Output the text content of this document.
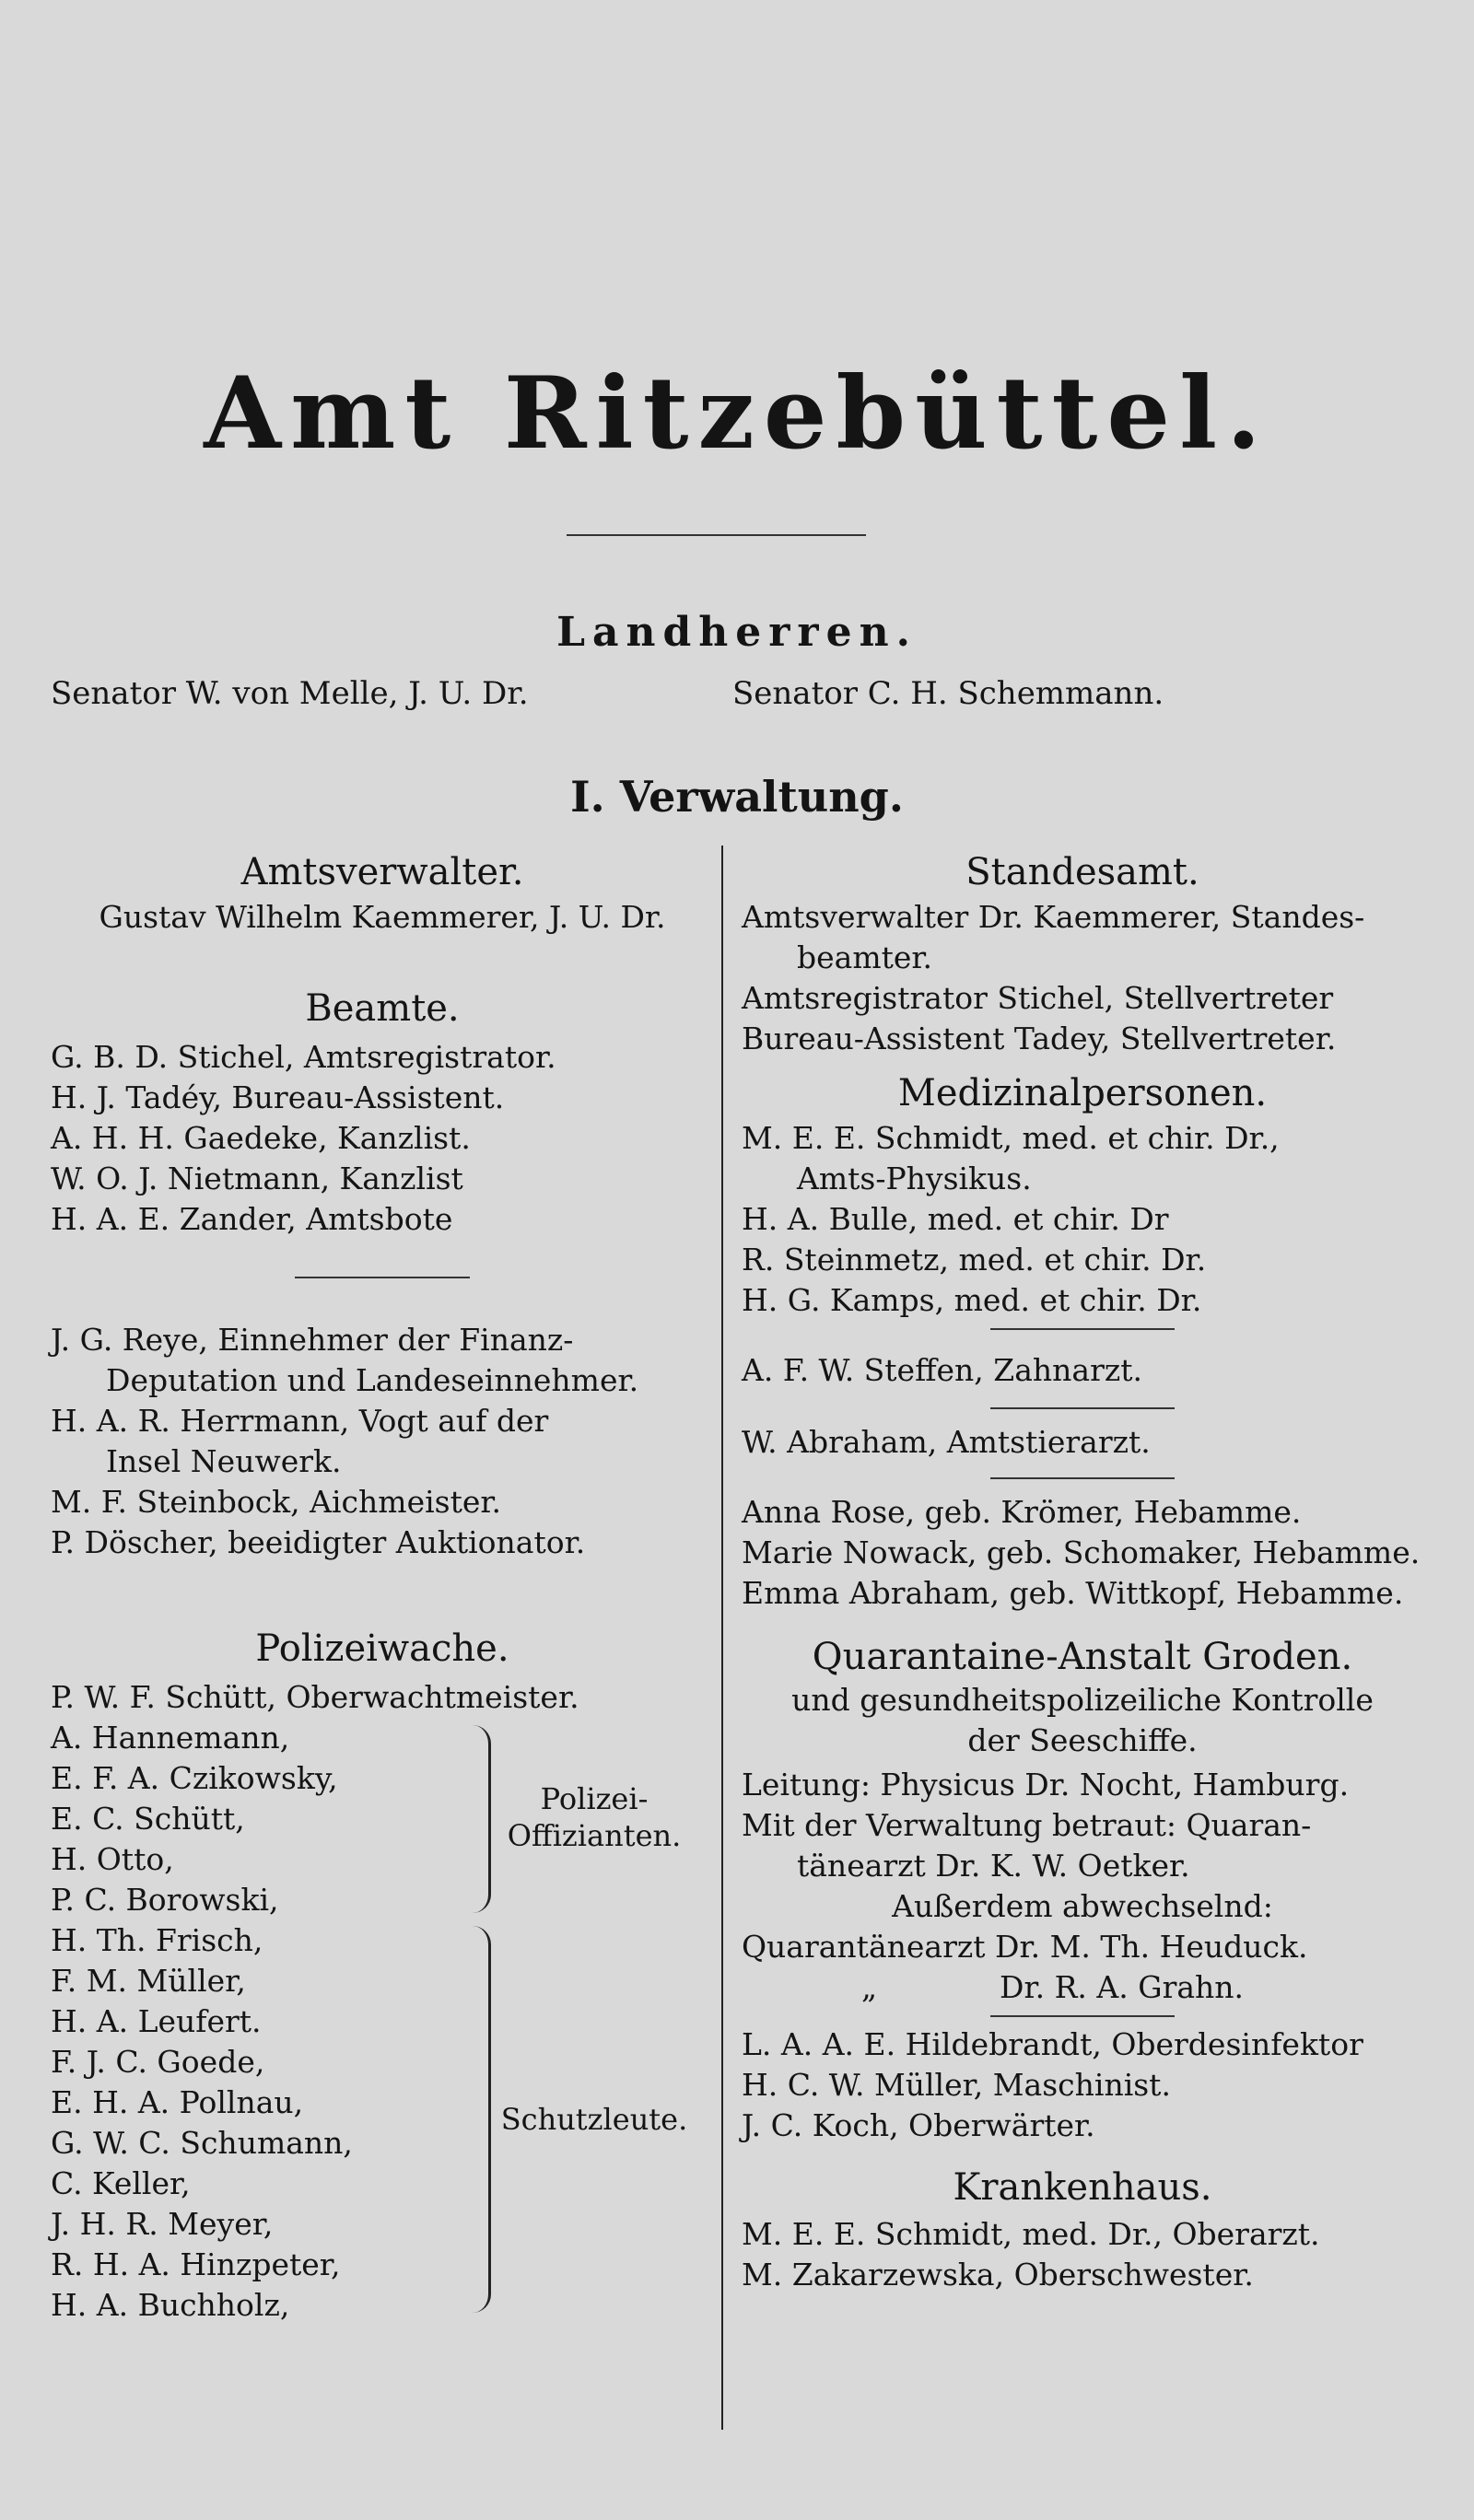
Amt Ritzebüttel.
Landherren.
Senator W. von Melle, J. U. Dr.	Senator C. H. Schemmann.
I. Verwaltung.

Amtsverwalter.

Gustav Wilhelm Kaemmerer, J. U. Dr.

Beamte.

G. B. D. Stichel, Amtsregistrator.

H. J. Tadéy, Bureau-Assistent.

A. H. H. Gaedeke, Kanzlist.

W. O. J. Nietmann, Kanzlist

H. A. E. Zander, Amtsbote

J. G. Reye, Einnehmer der Finanz-

Deputation und Landeseinnehmer.

H. A. R. Herrmann, Vogt auf der

Insel Neuwerk.

M. F. Steinbock, Aichmeister.

P. Döscher, beeidigter Auktionator.

Polizeiwache.

P. W. F. Schütt, Oberwachtmeister.

A. Hannemann,
E. F. A. Czikowsky,
E. C. Schütt,
H. Otto,
P. C. Borowski,
Polizei-
Offizianten.
H. Th. Frisch,
F. M. Müller,
H. A. Leufert.
F. J. C. Goede,
E. H. A. Pollnau,
G. W. C. Schumann,
C. Keller,
J. H. R. Meyer,
R. H. A. Hinzpeter,
H. A. Buchholz,
Schutzleute.

Standesamt.

Amtsverwalter Dr. Kaemmerer, Standes-

beamter.

Amtsregistrator Stichel, Stellvertreter

Bureau-Assistent Tadey, Stellvertreter.

Medizinalpersonen.

M. E. E. Schmidt, med. et chir. Dr.,

Amts-Physikus.

H. A. Bulle, med. et chir. Dr

R. Steinmetz, med. et chir. Dr.

H. G. Kamps, med. et chir. Dr.

A. F. W. Steffen, Zahnarzt.

W. Abraham, Amtstierarzt.

Anna Rose, geb. Krömer, Hebamme.

Marie Nowack, geb. Schomaker, Hebamme.

Emma Abraham, geb. Wittkopf, Hebamme.

Quarantaine-Anstalt Groden.

und gesundheitspolizeiliche Kontrolle

der Seeschiffe.

Leitung: Physicus Dr. Nocht, Hamburg.

Mit der Verwaltung betraut: Quaran-

tänearzt Dr. K. W. Oetker.

Außerdem abwechselnd:

Quarantänearzt Dr. M. Th. Heuduck.

„	Dr. R. A. Grahn.

L. A. A. E. Hildebrandt, Oberdesinfektor

H. C. W. Müller, Maschinist.

J. C. Koch, Oberwärter.

Krankenhaus.

M. E. E. Schmidt, med. Dr., Oberarzt.

M. Zakarzewska, Oberschwester.
